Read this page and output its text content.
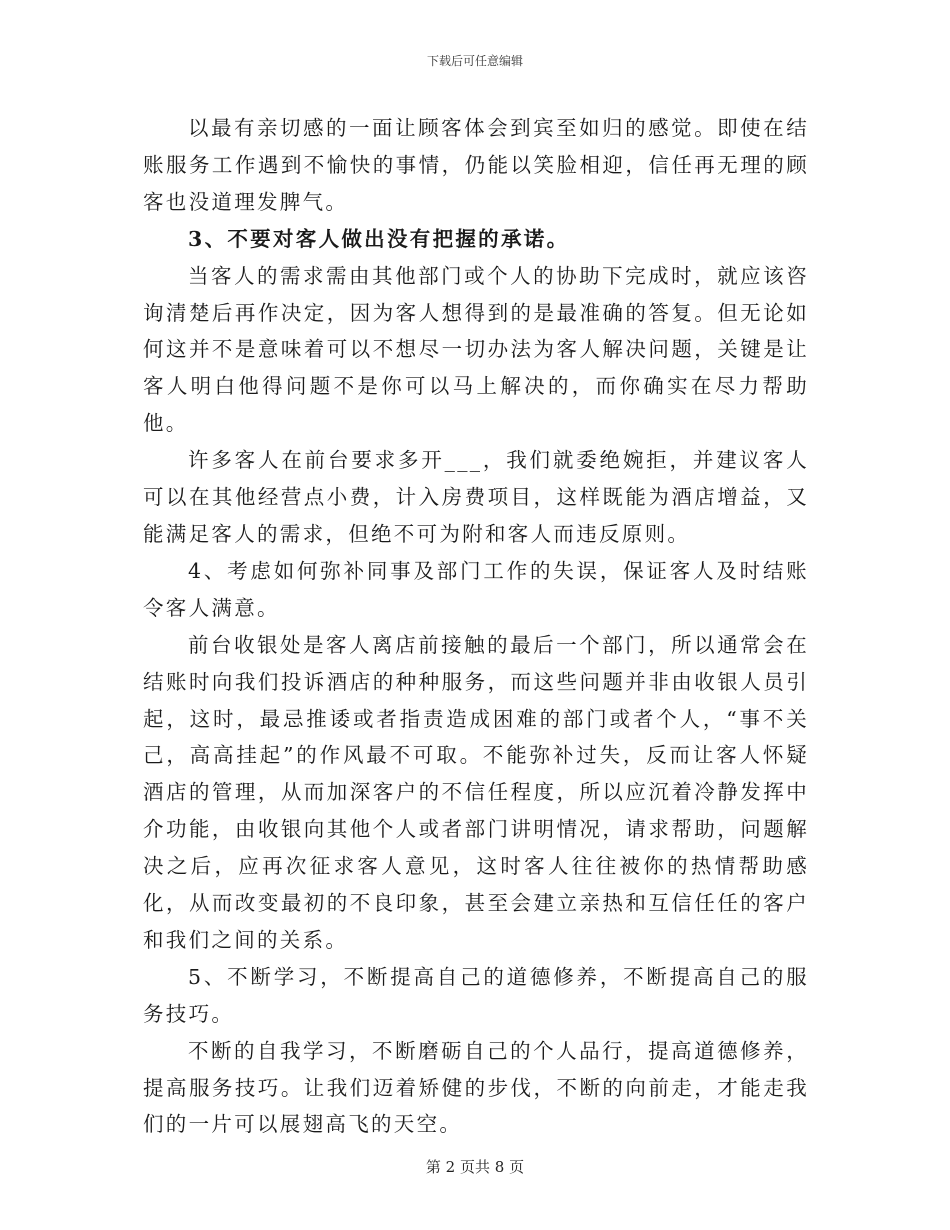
下载后可任意编辑

以最有亲切感的一面让顾客体会到宾至如归的感觉。即使在结账服务工作遇到不愉快的事情，仍能以笑脸相迎，信任再无理的顾客也没道理发脾气。

3、不要对客人做出没有把握的承诺。

当客人的需求需由其他部门或个人的协助下完成时，就应该咨询清楚后再作决定，因为客人想得到的是最准确的答复。但无论如何这并不是意味着可以不想尽一切办法为客人解决问题，关键是让客人明白他得问题不是你可以马上解决的，而你确实在尽力帮助他。

许多客人在前台要求多开___，我们就委绝婉拒，并建议客人可以在其他经营点小费，计入房费项目，这样既能为酒店增益，又能满足客人的需求，但绝不可为附和客人而违反原则。

4、考虑如何弥补同事及部门工作的失误，保证客人及时结账令客人满意。

前台收银处是客人离店前接触的最后一个部门，所以通常会在结账时向我们投诉酒店的种种服务，而这些问题并非由收银人员引起，这时，最忌推诿或者指责造成困难的部门或者个人，“事不关己，高高挂起”的作风最不可取。不能弥补过失，反而让客人怀疑酒店的管理，从而加深客户的不信任程度，所以应沉着冷静发挥中介功能，由收银向其他个人或者部门讲明情况，请求帮助，问题解决之后，应再次征求客人意见，这时客人往往被你的热情帮助感化，从而改变最初的不良印象，甚至会建立亲热和互信任任的客户和我们之间的关系。

5、不断学习，不断提高自己的道德修养，不断提高自己的服务技巧。

不断的自我学习，不断磨砺自己的个人品行，提高道德修养，提高服务技巧。让我们迈着矫健的步伐，不断的向前走，才能走我们的一片可以展翅高飞的天空。

第 2 页共 8 页
